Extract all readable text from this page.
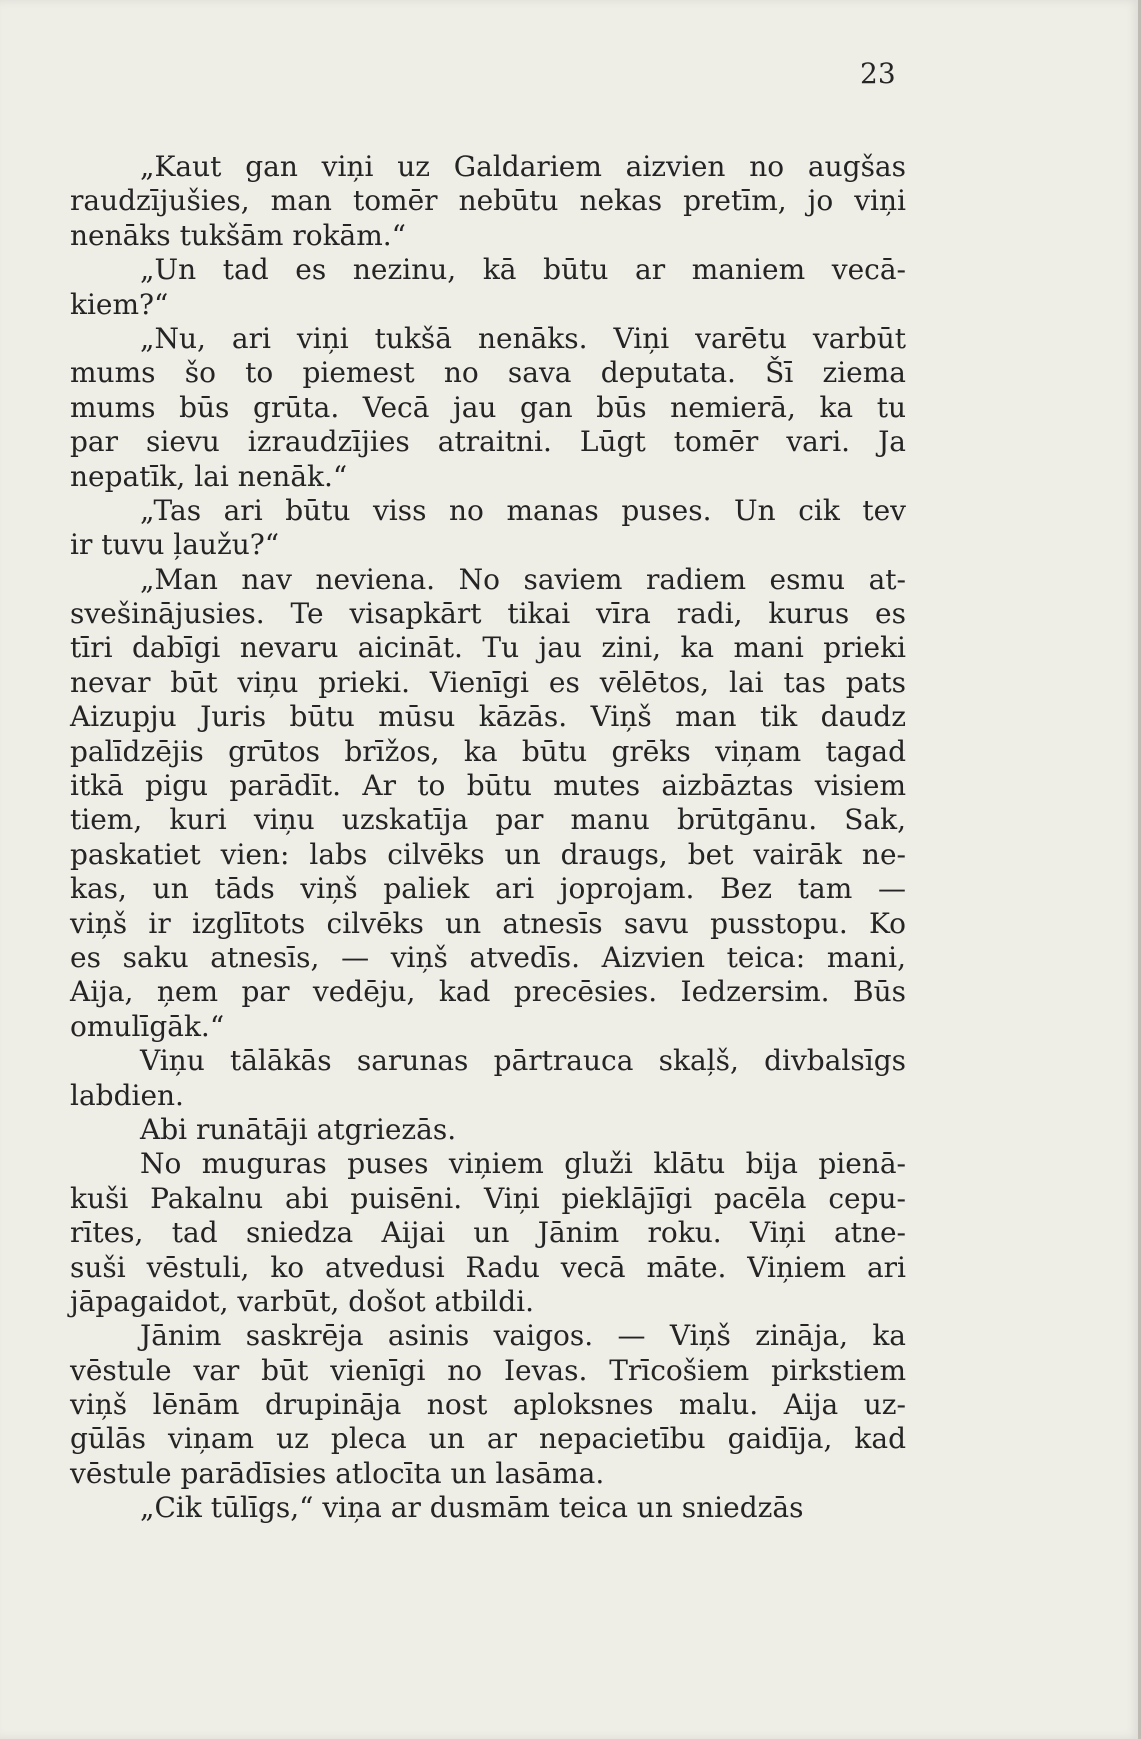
23
„Kaut gan viņi uz Galdariem aizvien no augšas
raudzījušies, man tomēr nebūtu nekas pretīm, jo viņi
nenāks tukšām rokām.“
„Un tad es nezinu, kā būtu ar maniem vecā-
kiem?“
„Nu, ari viņi tukšā nenāks. Viņi varētu varbūt
mums šo to piemest no sava deputata. Šī ziema
mums būs grūta. Vecā jau gan būs nemierā, ka tu
par sievu izraudzījies atraitni. Lūgt tomēr vari. Ja
nepatīk, lai nenāk.“
„Tas ari būtu viss no manas puses. Un cik tev
ir tuvu ļaužu?“
„Man nav neviena. No saviem radiem esmu at-
svešinājusies. Te visapkārt tikai vīra radi, kurus es
tīri dabīgi nevaru aicināt. Tu jau zini, ka mani prieki
nevar būt viņu prieki. Vienīgi es vēlētos, lai tas pats
Aizupju Juris būtu mūsu kāzās. Viņš man tik daudz
palīdzējis grūtos brīžos, ka būtu grēks viņam tagad
itkā pigu parādīt. Ar to būtu mutes aizbāztas visiem
tiem, kuri viņu uzskatīja par manu brūtgānu. Sak,
paskatiet vien: labs cilvēks un draugs, bet vairāk ne-
kas, un tāds viņš paliek ari joprojam. Bez tam —
viņš ir izglītots cilvēks un atnesīs savu pusstopu. Ko
es saku atnesīs, — viņš atvedīs. Aizvien teica: mani,
Aija, ņem par vedēju, kad precēsies. Iedzersim. Būs
omulīgāk.“
Viņu tālākās sarunas pārtrauca skaļš, divbalsīgs
labdien.
Abi runātāji atgriezās.
No muguras puses viņiem gluži klātu bija pienā-
kuši Pakalnu abi puisēni. Viņi pieklājīgi pacēla cepu-
rītes, tad sniedza Aijai un Jānim roku. Viņi atne-
suši vēstuli, ko atvedusi Radu vecā māte. Viņiem ari
jāpagaidot, varbūt, došot atbildi.
Jānim saskrēja asinis vaigos. — Viņš zināja, ka
vēstule var būt vienīgi no Ievas. Trīcošiem pirkstiem
viņš lēnām drupināja nost aploksnes malu. Aija uz-
gūlās viņam uz pleca un ar nepacietību gaidīja, kad
vēstule parādīsies atlocīta un lasāma.
„Cik tūlīgs,“ viņa ar dusmām teica un sniedzās
